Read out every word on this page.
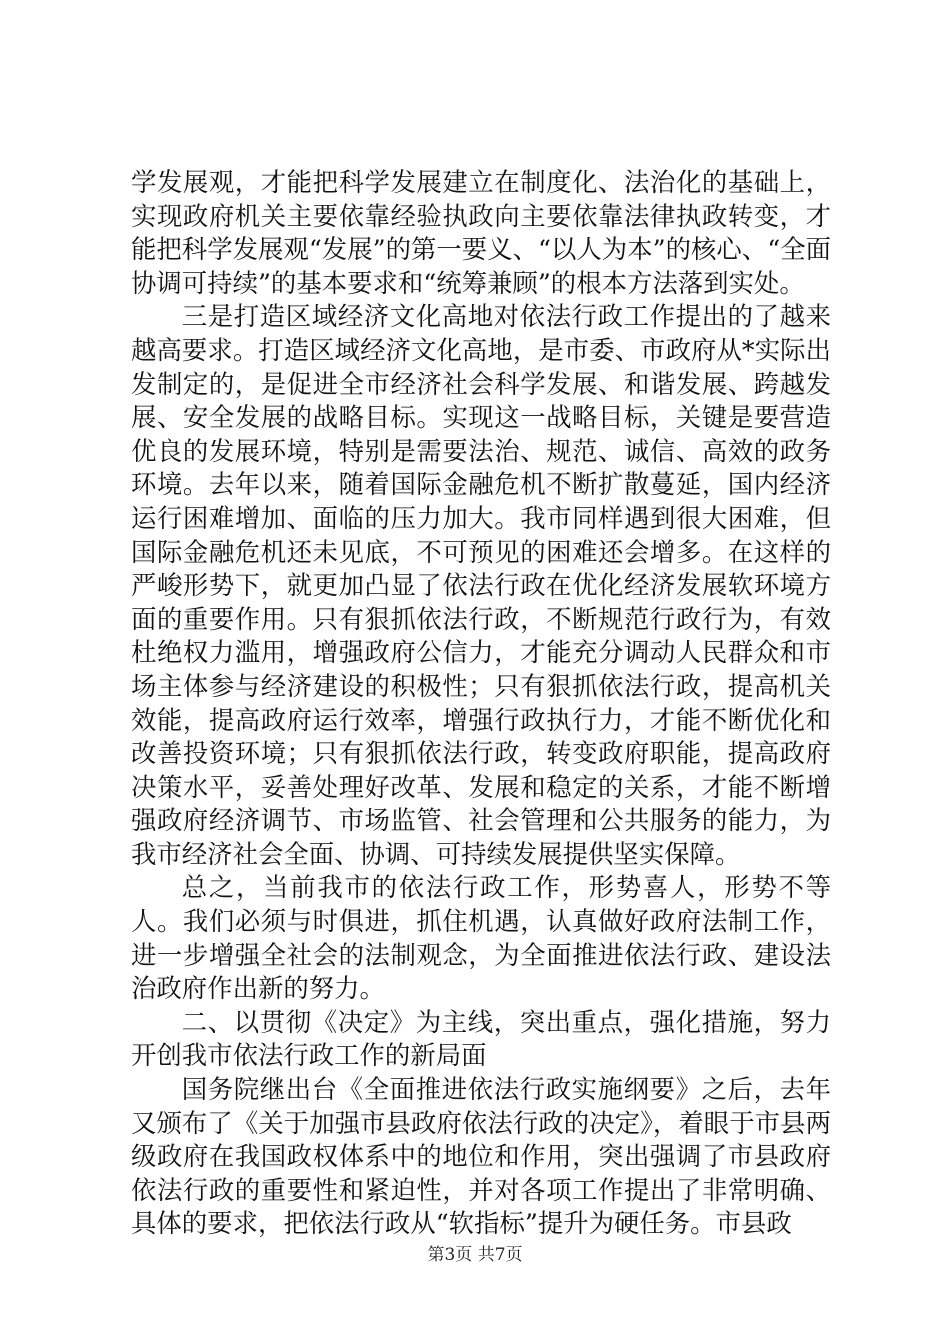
学发展观，才能把科学发展建立在制度化、法治化的基础上，实现政府机关主要依靠经验执政向主要依靠法律执政转变，才能把科学发展观“发展”的第一要义、“以人为本”的核心、“全面协调可持续”的基本要求和“统筹兼顾”的根本方法落到实处。

三是打造区域经济文化高地对依法行政工作提出的了越来越高要求。打造区域经济文化高地，是市委、市政府从*实际出发制定的，是促进全市经济社会科学发展、和谐发展、跨越发展、安全发展的战略目标。实现这一战略目标，关键是要营造优良的发展环境，特别是需要法治、规范、诚信、高效的政务环境。去年以来，随着国际金融危机不断扩散蔓延，国内经济运行困难增加、面临的压力加大。我市同样遇到很大困难，但国际金融危机还未见底，不可预见的困难还会增多。在这样的严峻形势下，就更加凸显了依法行政在优化经济发展软环境方面的重要作用。只有狠抓依法行政，不断规范行政行为，有效杜绝权力滥用，增强政府公信力，才能充分调动人民群众和市场主体参与经济建设的积极性；只有狠抓依法行政，提高机关效能，提高政府运行效率，增强行政执行力，才能不断优化和改善投资环境；只有狠抓依法行政，转变政府职能，提高政府决策水平，妥善处理好改革、发展和稳定的关系，才能不断增强政府经济调节、市场监管、社会管理和公共服务的能力，为我市经济社会全面、协调、可持续发展提供坚实保障。

总之，当前我市的依法行政工作，形势喜人，形势不等人。我们必须与时俱进，抓住机遇，认真做好政府法制工作，进一步增强全社会的法制观念，为全面推进依法行政、建设法治政府作出新的努力。

二、以贯彻《决定》为主线，突出重点，强化措施，努力开创我市依法行政工作的新局面

国务院继出台《全面推进依法行政实施纲要》之后，去年又颁布了《关于加强市县政府依法行政的决定》，着眼于市县两级政府在我国政权体系中的地位和作用，突出强调了市县政府依法行政的重要性和紧迫性，并对各项工作提出了非常明确、具体的要求，把依法行政从“软指标”提升为硬任务。市县政

第3页 共7页
